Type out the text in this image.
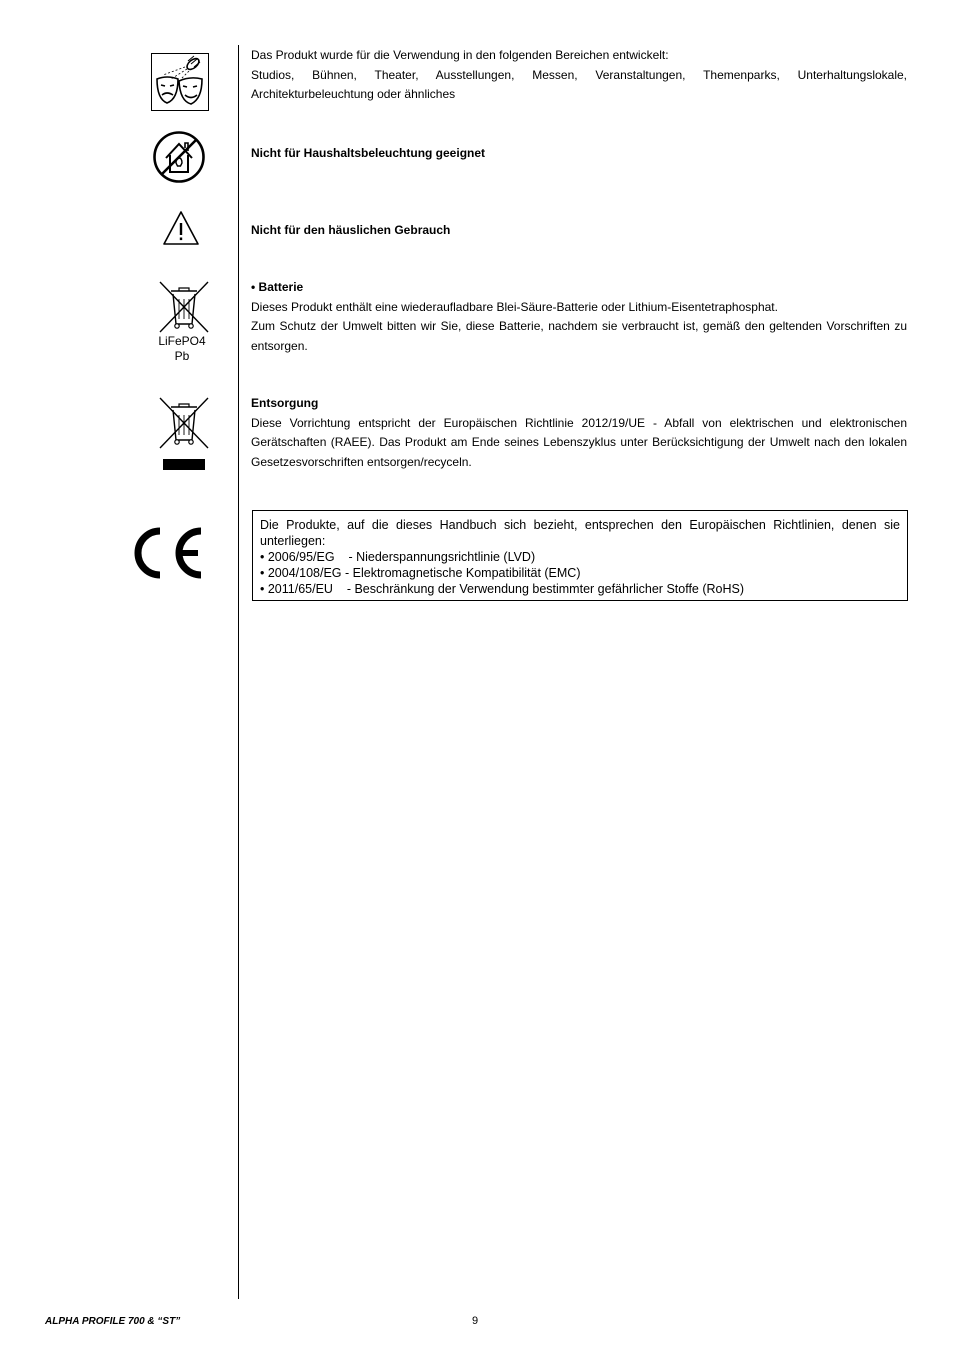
Das Produkt wurde für die Verwendung in den folgenden Bereichen entwickelt:

Studios, Bühnen, Theater, Ausstellungen, Messen, Veranstaltungen, Themenparks, Unterhaltungslokale, Architekturbeleuchtung oder ähnliches

Nicht für Haushaltsbeleuchtung geeignet
Nicht für den häuslichen Gebrauch
LiFePO4
Pb

• Batterie

Dieses Produkt enthält eine wiederaufladbare Blei-Säure-Batterie oder Lithium-Eisentetraphosphat.

Zum Schutz der Umwelt bitten wir Sie, diese Batterie, nachdem sie verbraucht ist, gemäß den geltenden Vorschriften zu entsorgen.

Entsorgung

Diese Vorrichtung entspricht der Europäischen Richtlinie 2012/19/UE - Abfall von elektrischen und elektronischen Gerätschaften (RAEE). Das Produkt am Ende seines Lebenszyklus unter Berücksichtigung der Umwelt nach den lokalen Gesetzesvorschriften entsorgen/recyceln.

Die Produkte, auf die dieses Handbuch sich bezieht, entsprechen den Europäischen Richtlinien, denen sie unterliegen:
• 2006/95/EG    - Niederspannungsrichtlinie (LVD)
• 2004/108/EG - Elektromagnetische Kompatibilität (EMC)
• 2011/65/EU    - Beschränkung der Verwendung bestimmter gefährlicher Stoffe (RoHS)
ALPHA PROFILE 700 & “ST”	9
